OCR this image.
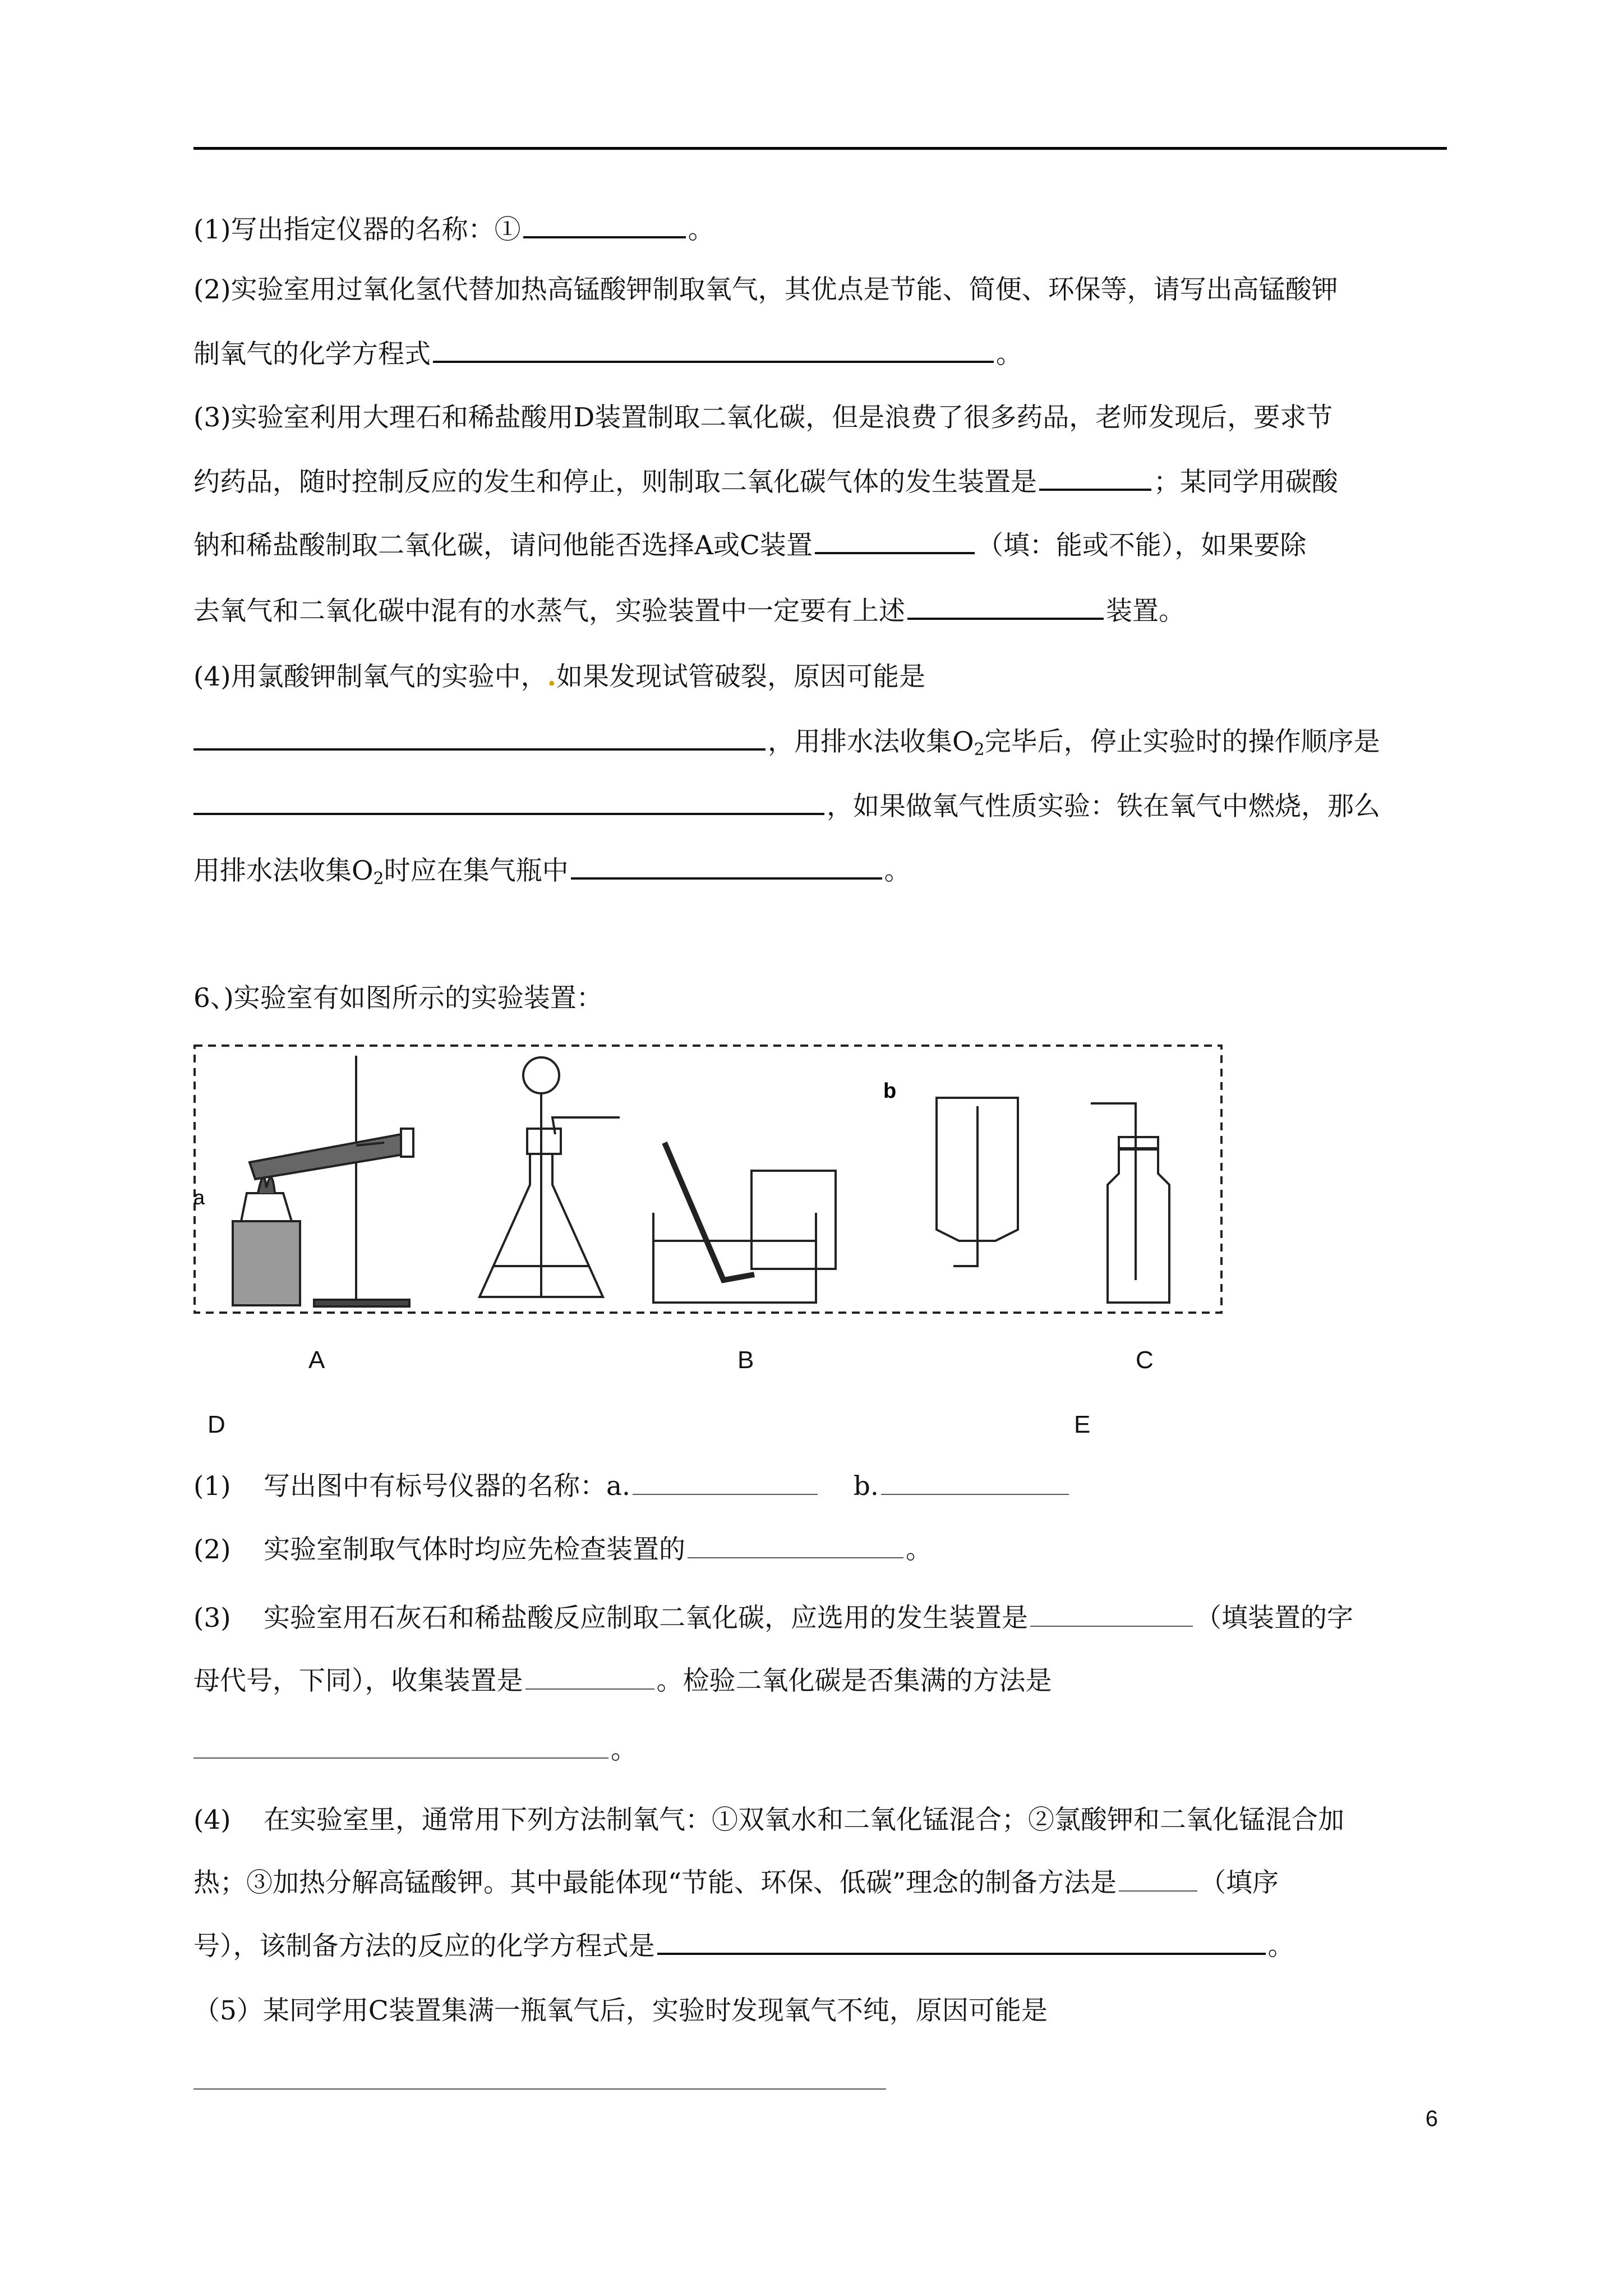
(1)写出指定仪器的名称：①	。
(2)实验室用过氧化氢代替加热高锰酸钾制取氧气，其优点是节能、简便、环保等，请写出高锰酸钾
制氧气的化学方程式	。
(3)实验室利用大理石和稀盐酸用D装置制取二氧化碳，但是浪费了很多药品，老师发现后，要求节
约药品，随时控制反应的发生和停止，则制取二氧化碳气体的发生装置是	；某同学用碳酸
钠和稀盐酸制取二氧化碳，请问他能否选择A或C装置	（填：能或不能），如果要除
去氧气和二氧化碳中混有的水蒸气，实验装置中一定要有上述	装置。
(4)用氯酸钾制氧气的实验中，.如果发现试管破裂，原因可能是
，用排水法收集$O_2$完毕后，停止实验时的操作顺序是
，如果做氧气性质实验：铁在氧气中燃烧，那么
用排水法收集$O_2$时应在集气瓶中	。
6、)实验室有如图所示的实验装置：
a
b
A	B	C
D	E
(1) 写出图中有标号仪器的名称：a.	b.
(2) 实验室制取气体时均应先检查装置的	。
(3) 实验室用石灰石和稀盐酸反应制取二氧化碳，应选用的发生装置是	（填装置的字
母代号，下同），收集装置是	。检验二氧化碳是否集满的方法是
。
(4) 在实验室里，通常用下列方法制氧气：①双氧水和二氧化锰混合；②氯酸钾和二氧化锰混合加
热；③加热分解高锰酸钾。其中最能体现“节能、环保、低碳”理念的制备方法是	（填序
号），该制备方法的反应的化学方程式是	。
（5）某同学用C装置集满一瓶氧气后，实验时发现氧气不纯，原因可能是
6
